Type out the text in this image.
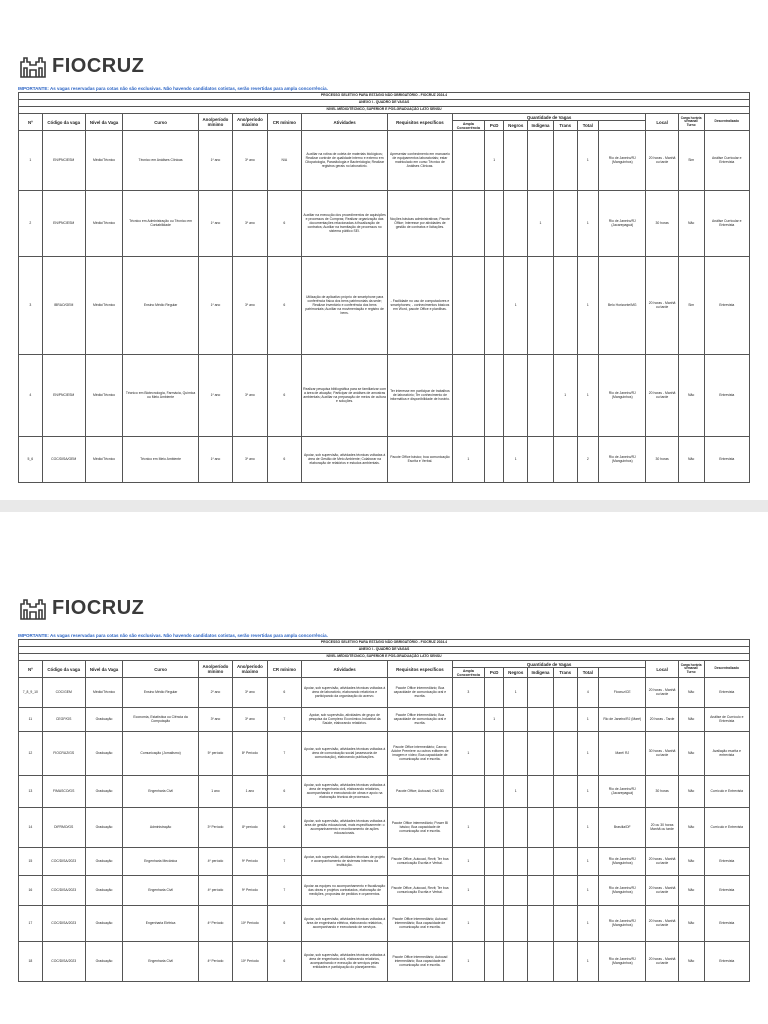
FIOCRUZ
IMPORTANTE: As vagas reservadas para cotas não são exclusivas. Não havendo candidatos cotistas, serão revertidas para ampla concorrência.
PROCESSO SELETIVO PARA ESTÁGIO NÃO OBRIGATÓRIO - FIOCRUZ 2024.4																		
ANEXO I - QUADRO DE VAGAS																		
NÍVEL MÉDIO/TÉCNICO, SUPERIOR E PÓS-GRADUAÇÃO LATO SENSU																		
Nº	Código da vaga	Nível da Vaga	Curso	Ano/período mínimo	Ano/período máximo	CR mínimo	Atividades	Requisitos específicos	Quantidade de Vagas							Local	Carga horária semanal/ Turno	Descentralizado
									Ampla Concorrência	PcD	Negros	Indígena	Trans	Total			
1	EN/PNCIESM	Médio/Técnico	Técnico em Análises Clínicas	1º ano	3º ano	N/A	Auxiliar na rotina de coleta de materiais biológicos; Realizar controle de qualidade interno e externo em Citopatologia, Parasitologia e Bacteriologia; Realizar registros gerais no laboratório.	Apresentar conhecimento em manuseio de equipamentos laboratoriais; estar matriculado em curso Técnico de Análises Clínicas.		1				1	Rio de Janeiro/RJ (Manguinhos)	20 horas - Manhã ou tarde	Sim	Análise Curricular e Entrevista
2	EN/PNCIESM	Médio/Técnico	Técnico em Administração ou Técnico em Contabilidade	1º ano	3º ano	6	Auxiliar na execução dos procedimentos de aquisições e processos de Compras; Realizar organização das documentações relacionadas à fiscalização de contratos; Auxiliar na tramitação de processos no sistema público SEI.	Noções básicas administrativas; Pacote Office; Interesse por atividades de gestão de contratos e licitações.				1		1	Rio de Janeiro/RJ (Jacarepaguá)	30 horas	Não	Análise Curricular e Entrevista
3	IBRAO/GEM	Médio/Técnico	Ensino Médio Regular	1º ano	3º ano	6	Utilização de aplicativo próprio de smartphone para conferência física dos bens patrimoniais da sede; Realizar inventário e conferência dos bens patrimoniais; Auxiliar na movimentação e registro de bens.	- Facilidade no uso de computadores e smartphones; - conhecimentos básicos em Word, pacote Office e planilhas.			1			1	Belo Horizonte/MG	20 horas - Manhã ou tarde	Sim	Entrevista
4	EN/PNCIESM	Médio/Técnico	Técnico em Biotecnologia, Farmácia, Química ou Meio Ambiente	1º ano	3º ano	6	Realizar pesquisa bibliográfica para se familiarizar com a área de atuação; Participar de análises de amostras ambientais; Auxiliar na preparação de meios de cultura e soluções.	Ter interesse em participar de trabalhos de laboratório; Ter conhecimento de informática e disponibilidade de horário.					1	1	Rio de Janeiro/RJ (Manguinhos)	20 horas - Manhã ou tarde	Não	Entrevista
5_6	COC/DISA/GEM	Médio/Técnico	Técnico em Meio Ambiente	1º ano	3º ano	6	Apoiar, sob supervisão, atividades técnicas voltadas à área de Gestão de Meio Ambiente; Colaborar na elaboração de relatórios e estudos ambientais.	Pacote Office básico; boa comunicação Escrita e Verbal.	1		1			2	Rio de Janeiro/RJ (Manguinhos)	30 horas	Não	Entrevista
FIOCRUZ
IMPORTANTE: As vagas reservadas para cotas não são exclusivas. Não havendo candidatos cotistas, serão revertidas para ampla concorrência.
PROCESSO SELETIVO PARA ESTÁGIO NÃO OBRIGATÓRIO - FIOCRUZ 2024.4																		
ANEXO I - QUADRO DE VAGAS																		
NÍVEL MÉDIO/TÉCNICO, SUPERIOR E PÓS-GRADUAÇÃO LATO SENSU																		
Nº	Código da vaga	Nível da Vaga	Curso	Ano/período mínimo	Ano/período máximo	CR mínimo	Atividades	Requisitos específicos	Quantidade de Vagas							Local	Carga horária semanal/ Turno	Descentralizado
									Ampla Concorrência	PcD	Negros	Indígena	Trans	Total			
7_8_9_10	COC/GEM	Médio/Técnico	Ensino Médio Regular	2º ano	3º ano	6	Apoiar, sob supervisão, atividades técnicas voltadas à área de laboratório, elaborando relatórios e participando da organização do acervo.	Pacote Office intermediário; Boa capacidade de comunicação oral e escrita.	3		1			4	Fiocruz/CE	20 horas - Manhã ou tarde	Não	Entrevista
11	CEGP/GS	Graduação	Economia, Estatística ou Ciência da Computação	3º ano	3º ano	7	Apoiar, sob supervisão, atividades de grupo de pesquisa da Complexo Econômico-Industrial da Saúde, elaborando relatórios.	Pacote Office intermediário; Boa capacidade de comunicação oral e escrita.		1				1	Rio de Janeiro/RJ (Maré)	20 horas - Tarde	Não	Análise de Currículo e Entrevista
12	FIOCRUZ/GS	Graduação	Comunicação (Jornalismo)	5º período	8º Período	7	Apoiar, sob supervisão, atividades técnicas voltadas à área de comunicação social (assessoria de comunicação), elaborando publicações.	Pacote Office intermediário; Canva; Adobe Premiere ou outros editores de imagem e vídeo; Boa capacidade de comunicação oral e escrita.	1					1	Maré/ RJ	30 horas - Manhã ou tarde	Não	Avaliação escrita e entrevista
13	FIMASCO/GS	Graduação	Engenharia Civil	1 ano	1 ano	6	Apoiar, sob supervisão, atividades técnicas voltadas à área de engenharia civil, elaborando relatórios, acompanhando e executando de obras e apoio na elaboração técnica de processos.	Pacote Office; Autocad; Civil 3D			1			1	Rio de Janeiro/RJ (Jacarepaguá)	30 horas	Não	Currículo e Entrevista
14	DIFRMO/GS	Graduação	Administração	3º Período	8º período	6	Apoiar, sob supervisão, atividades técnicas voltadas à área de gestão educacional, mais especificamente: o acompanhamento e monitoramento de ações educacionais.	Pacote Office intermediário; Power BI básico; Boa capacidade de comunicação oral e escrita.	1					1	Brasília/DF	20 ou 30 horas Manhã ou tarde	Não	Currículo e Entrevista
15	COC/DISA/2023	Graduação	Engenharia Mecânica	4º período	9º Período	7	Apoiar, sob supervisão, atividades técnicas de projeto e acompanhamento de sistemas internos da instituição.	Pacote Office, Autocad, Revit; Ter boa comunicação Escrita e Verbal.	1					1	Rio de Janeiro/RJ (Manguinhos)	20 horas - Manhã ou tarde	Não	Entrevista
16	COC/DISA/2023	Graduação	Engenharia Civil	4º período	9º Período	7	Apoiar as equipes no acompanhamento e fiscalização das obras e projetos contratados, elaboração de medições, propostas de pedidos e orçamentos.	Pacote Office, Autocad, Revit; Ter boa comunicação Escrita e Verbal.	1					1	Rio de Janeiro/RJ (Manguinhos)	20 horas - Manhã ou tarde	Não	Entrevista
17	COC/DISA/2023	Graduação	Engenharia Elétrica	4º Período	10º Período	6	Apoiar, sob supervisão, atividades técnicas voltadas à área de engenharia elétrica, elaborando relatórios, acompanhando e executando de serviços.	Pacote Office intermediário; Autocad intermediário; Boa capacidade de comunicação oral e escrita.	1					1	Rio de Janeiro/RJ (Manguinhos)	20 horas - Manhã ou tarde	Não	Entrevista
18	COC/DISA/2023	Graduação	Engenharia Civil	4º Período	10º Período	6	Apoiar, sob supervisão, atividades técnicas voltadas à área de engenharia civil, elaborando relatórios, acompanhando e execução de serviços pelas entidades e participação do planejamento.	Pacote Office intermediário; Autocad intermediário; Boa capacidade de comunicação oral e escrita.	1					1	Rio de Janeiro/RJ (Manguinhos)	20 horas - Manhã ou tarde	Não	Entrevista
